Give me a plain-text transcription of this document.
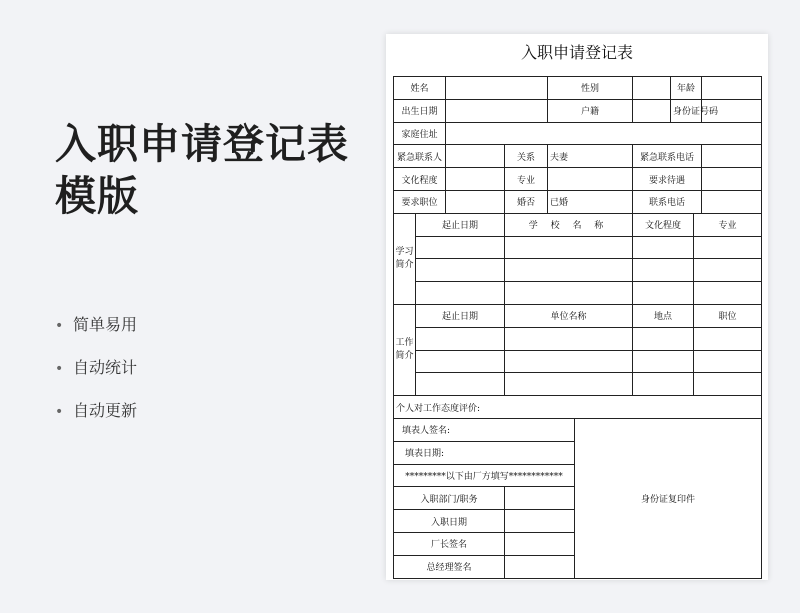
入职申请登记表
模版
• 简单易用
• 自动统计
• 自动更新
入职申请登记表
姓名				性别			年龄		
出生日期				户籍			身份证号码		
家庭住址									
紧急联系人			关系	夫妻		紧急联系电话			
文化程度			专业			要求待遇			
要求职位			婚否	已婚		联系电话			
学习简介	起止日期		学 校 名 称			文化程度		专业	

工作简介	起止日期		单位名称			地点		职位	

个人对工作态度评价:									
填表人签名:					身份证复印件				
填表日期:									
*********以下由厂方填写************									
入职部门/职务									
入职日期									
厂长签名									
总经理签名									
